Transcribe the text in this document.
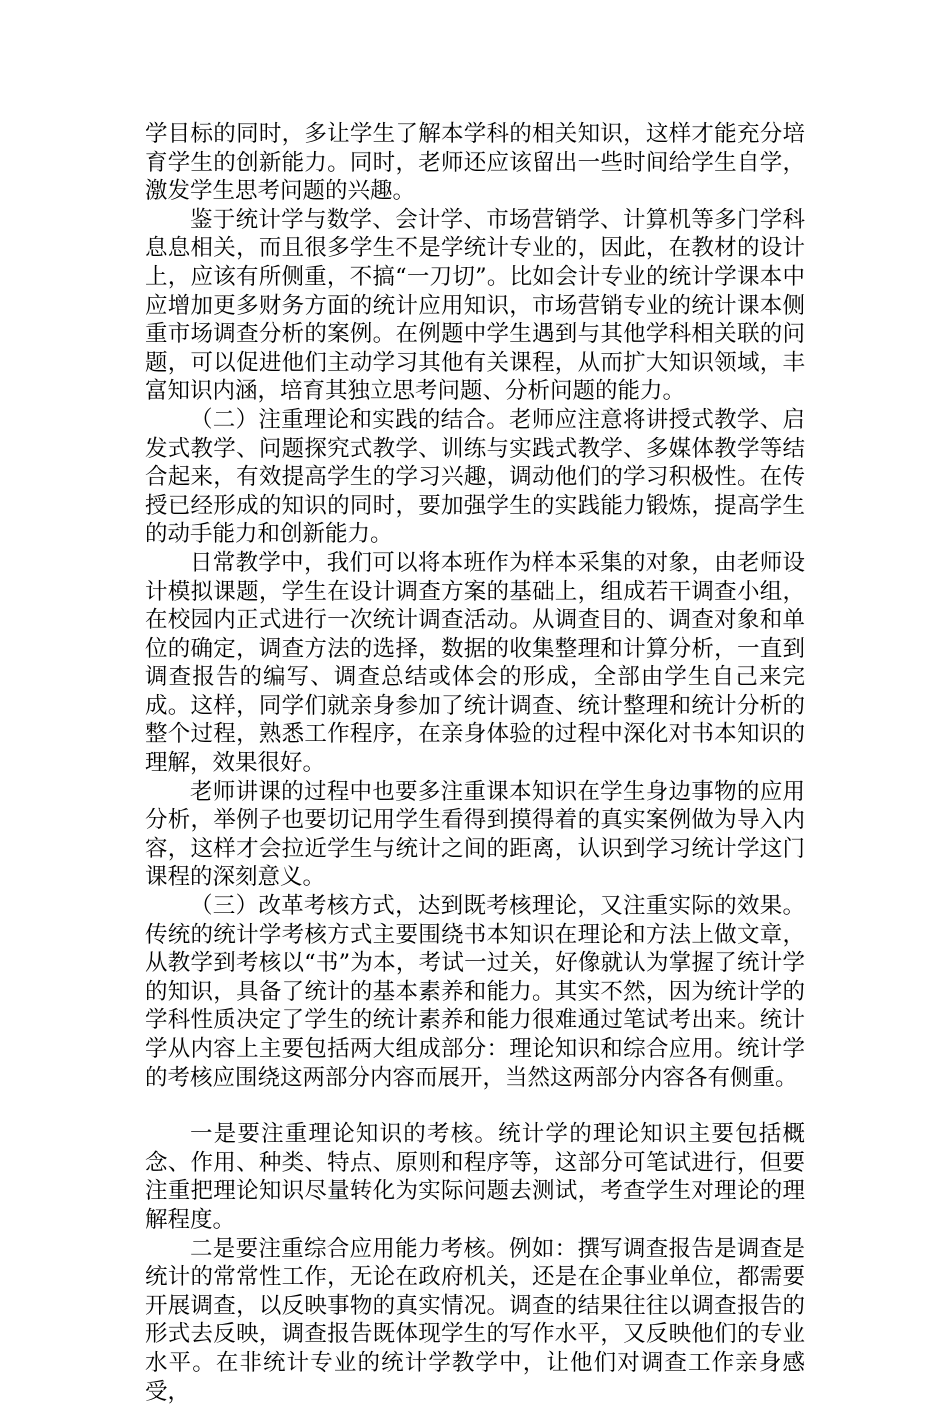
学目标的同时，多让学生了解本学科的相关知识，这样才能充分培育学生的创新能力。同时，老师还应该留出一些时间给学生自学，激发学生思考问题的兴趣。

鉴于统计学与数学、会计学、市场营销学、计算机等多门学科息息相关，而且很多学生不是学统计专业的，因此，在教材的设计上，应该有所侧重，不搞“一刀切”。比如会计专业的统计学课本中应增加更多财务方面的统计应用知识，市场营销专业的统计课本侧重市场调查分析的案例。在例题中学生遇到与其他学科相关联的问题，可以促进他们主动学习其他有关课程，从而扩大知识领域，丰富知识内涵，培育其独立思考问题、分析问题的能力。

（二）注重理论和实践的结合。老师应注意将讲授式教学、启发式教学、问题探究式教学、训练与实践式教学、多媒体教学等结合起来，有效提高学生的学习兴趣，调动他们的学习积极性。在传授已经形成的知识的同时，要加强学生的实践能力锻炼，提高学生的动手能力和创新能力。

日常教学中，我们可以将本班作为样本采集的对象，由老师设计模拟课题，学生在设计调查方案的基础上，组成若干调查小组，在校园内正式进行一次统计调查活动。从调查目的、调查对象和单位的确定，调查方法的选择，数据的收集整理和计算分析，一直到调查报告的编写、调查总结或体会的形成，全部由学生自己来完成。这样，同学们就亲身参加了统计调查、统计整理和统计分析的整个过程，熟悉工作程序，在亲身体验的过程中深化对书本知识的理解，效果很好。

老师讲课的过程中也要多注重课本知识在学生身边事物的应用分析，举例子也要切记用学生看得到摸得着的真实案例做为导入内容，这样才会拉近学生与统计之间的距离，认识到学习统计学这门课程的深刻意义。

（三）改革考核方式，达到既考核理论，又注重实际的效果。传统的统计学考核方式主要围绕书本知识在理论和方法上做文章，从教学到考核以“书”为本，考试一过关，好像就认为掌握了统计学的知识，具备了统计的基本素养和能力。其实不然，因为统计学的学科性质决定了学生的统计素养和能力很难通过笔试考出来。统计学从内容上主要包括两大组成部分：理论知识和综合应用。统计学的考核应围绕这两部分内容而展开，当然这两部分内容各有侧重。

一是要注重理论知识的考核。统计学的理论知识主要包括概念、作用、种类、特点、原则和程序等，这部分可笔试进行，但要注重把理论知识尽量转化为实际问题去测试，考查学生对理论的理解程度。

二是要注重综合应用能力考核。例如：撰写调查报告是调查是统计的常常性工作，无论在政府机关，还是在企事业单位，都需要开展调查，以反映事物的真实情况。调查的结果往往以调查报告的形式去反映，调查报告既体现学生的写作水平，又反映他们的专业水平。在非统计专业的统计学教学中，让他们对调查工作亲身感受，
